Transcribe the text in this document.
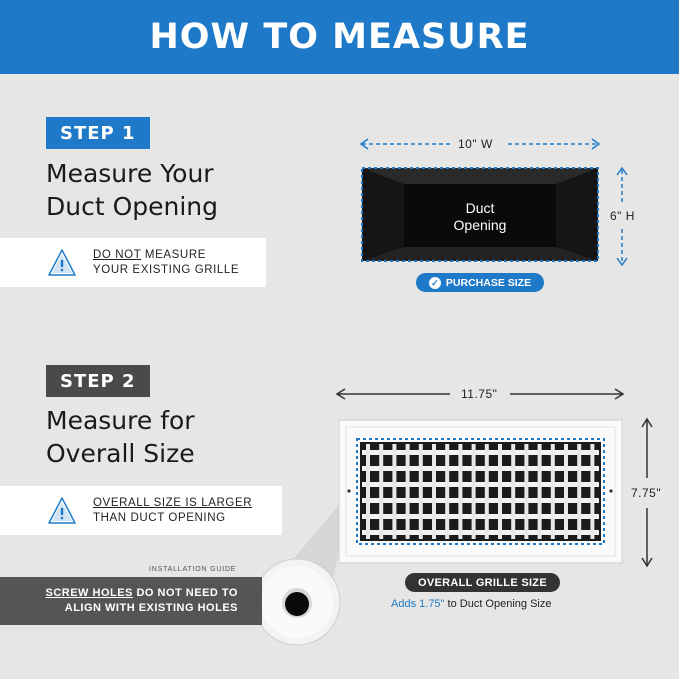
HOW TO MEASURE
STEP 1
Measure Your
Duct Opening
DO NOT MEASURE
YOUR EXISTING GRILLE
STEP 2
Measure for
Overall Size
OVERALL SIZE IS LARGER
THAN DUCT OPENING
10" W
6" H
Duct
Opening
✓ PURCHASE SIZE
11.75"
7.75"
OVERALL GRILLE SIZE
Adds 1.75" to Duct Opening Size
INSTALLATION GUIDE
SCREW HOLES DO NOT NEED TO
ALIGN WITH EXISTING HOLES
